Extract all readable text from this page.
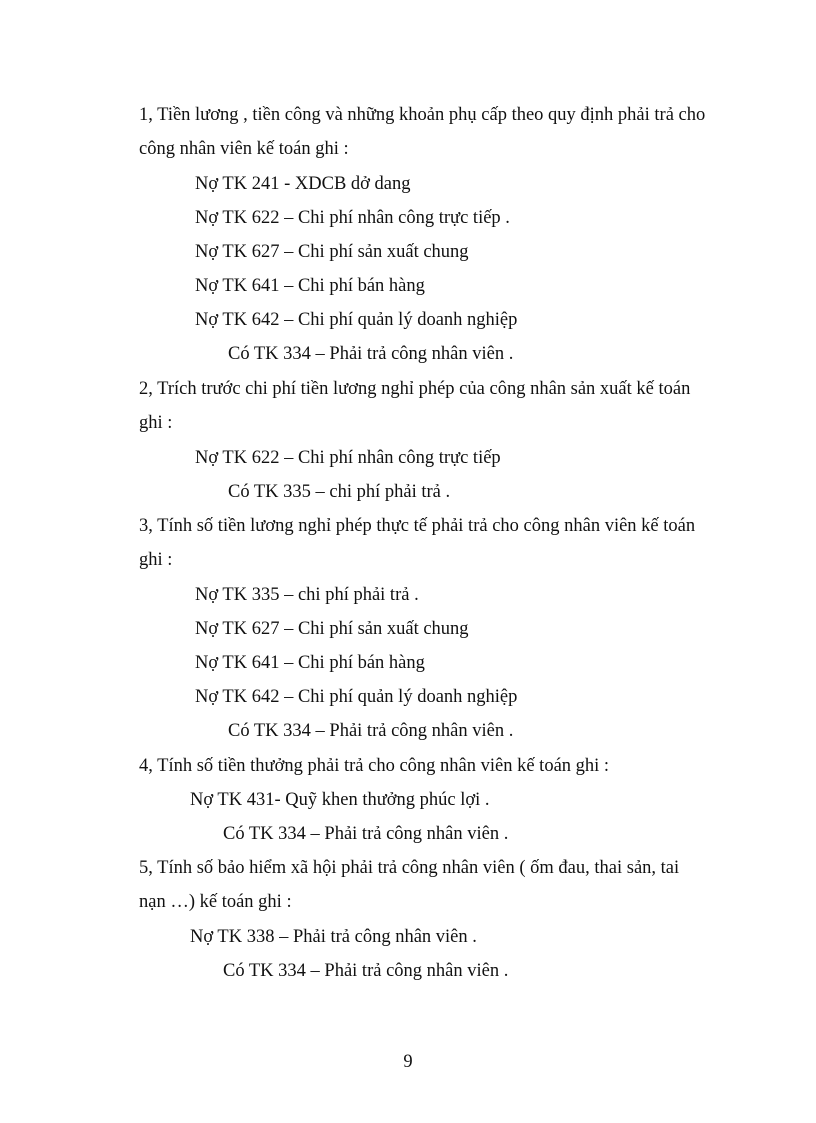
1, Tiền lương , tiền công và những khoản phụ cấp theo quy định phải trả cho
công nhân viên kế toán ghi :
Nợ TK 241 - XDCB dở dang
Nợ TK 622 – Chi phí nhân công trực tiếp .
Nợ TK 627 – Chi phí sản xuất chung
Nợ TK 641 – Chi phí bán hàng
Nợ TK 642 – Chi phí quản lý doanh nghiệp
Có TK 334 – Phải trả công nhân viên .
2, Trích trước chi phí tiền lương nghỉ phép của công nhân sản xuất kế toán
ghi :
Nợ TK 622 – Chi phí nhân công trực tiếp
Có TK 335 – chi phí phải trả .
3, Tính số tiền lương nghỉ phép thực tế phải trả cho công nhân viên kế toán
ghi :
Nợ TK 335 – chi phí phải trả .
Nợ TK 627 – Chi phí sản xuất chung
Nợ TK 641 – Chi phí bán hàng
Nợ TK 642 – Chi phí quản lý doanh nghiệp
Có TK 334 – Phải trả công nhân viên .
4, Tính số tiền thưởng phải trả cho công nhân viên kế toán ghi :
Nợ TK 431- Quỹ khen thưởng phúc lợi .
Có TK 334 – Phải trả công nhân viên .
5, Tính số bảo hiểm xã hội phải trả công nhân viên ( ốm đau, thai sản, tai
nạn …) kế toán ghi :
Nợ TK 338 – Phải trả công nhân viên .
Có TK 334 – Phải trả công nhân viên .
9
